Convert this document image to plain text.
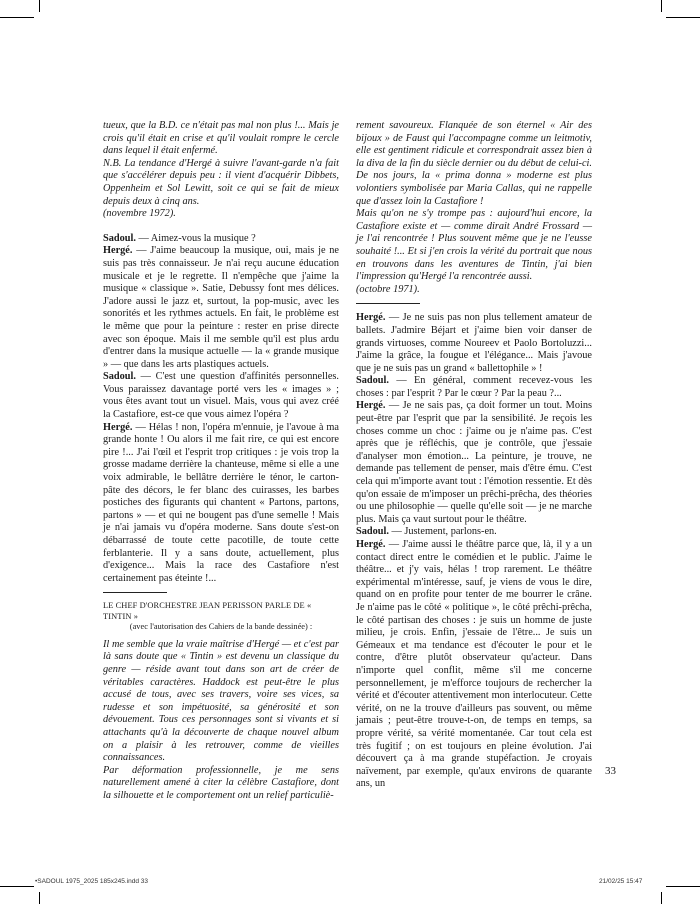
tueux, que la B.D. ce n'était pas mal non plus !... Mais je crois qu'il était en crise et qu'il voulait rompre le cercle dans lequel il était enfermé.

N.B. La tendance d'Hergé à suivre l'avant-garde n'a fait que s'accélérer depuis peu : il vient d'acquérir Dibbets, Oppenheim et Sol Lewitt, soit ce qui se fait de mieux depuis deux à cinq ans.

(novembre 1972).

Sadoul. — Aimez-vous la musique ?

Hergé. — J'aime beaucoup la musique, oui, mais je ne suis pas très connaisseur. Je n'ai reçu aucune éducation musicale et je le regrette. Il n'empêche que j'aime la musique « classique ». Satie, Debussy font mes délices. J'adore aussi le jazz et, surtout, la pop-music, avec les sonorités et les rythmes actuels. En fait, le problème est le même que pour la peinture : rester en prise directe avec son époque. Mais il me semble qu'il est plus ardu d'entrer dans la musique actuelle — la « grande musique » — que dans les arts plastiques actuels.

Sadoul. — C'est une question d'affinités personnelles. Vous paraissez davantage porté vers les « images » ; vous êtes avant tout un visuel. Mais, vous qui avez créé la Castafiore, est-ce que vous aimez l'opéra ?

Hergé. — Hélas ! non, l'opéra m'ennuie, je l'avoue à ma grande honte ! Ou alors il me fait rire, ce qui est encore pire !... J'ai l'œil et l'esprit trop critiques : je vois trop la grosse madame derrière la chanteuse, même si elle a une voix admirable, le bellâtre derrière le ténor, le carton-pâte des décors, le fer blanc des cuirasses, les barbes postiches des figurants qui chantent « Partons, partons, partons » — et qui ne bougent pas d'une semelle ! Mais je n'ai jamais vu d'opéra moderne. Sans doute s'est-on débarrassé de toute cette pacotille, de toute cette ferblanterie. Il y a sans doute, actuellement, plus d'exigence... Mais la race des Castafiore n'est certainement pas éteinte !...

LE CHEF D'ORCHESTRE JEAN PERISSON PARLE DE « TINTIN »

(avec l'autorisation des Cahiers de la bande dessinée) :

Il me semble que la vraie maîtrise d'Hergé — et c'est par là sans doute que « Tintin » est devenu un classique du genre — réside avant tout dans son art de créer de véritables caractères. Haddock est peut-être le plus accusé de tous, avec ses travers, voire ses vices, sa rudesse et son impétuosité, sa générosité et son dévouement. Tous ces personnages sont si vivants et si attachants qu'à la découverte de chaque nouvel album on a plaisir à les retrouver, comme de vieilles connaissances.

Par déformation professionnelle, je me sens naturellement amené à citer la célèbre Castafiore, dont la silhouette et le comportement ont un relief particuliè-

rement savoureux. Flanquée de son éternel « Air des bijoux » de Faust qui l'accompagne comme un leitmotiv, elle est gentiment ridicule et correspondrait assez bien à la diva de la fin du siècle dernier ou du début de celui-ci. De nos jours, la « prima donna » moderne est plus volontiers symbolisée par Maria Callas, qui ne rappelle que d'assez loin la Castafiore !

Mais qu'on ne s'y trompe pas : aujourd'hui encore, la Castafiore existe et — comme dirait André Frossard — je l'ai rencontrée ! Plus souvent même que je ne l'eusse souhaité !... Et si j'en crois la vérité du portrait que nous en trouvons dans les aventures de Tintin, j'ai bien l'impression qu'Hergé l'a rencontrée aussi.

(octobre 1971).

Hergé. — Je ne suis pas non plus tellement amateur de ballets. J'admire Béjart et j'aime bien voir danser de grands virtuoses, comme Noureev et Paolo Bortoluzzi... J'aime la grâce, la fougue et l'élégance... Mais j'avoue que je ne suis pas un grand « ballettophile » !

Sadoul. — En général, comment recevez-vous les choses : par l'esprit ? Par le cœur ? Par la peau ?...

Hergé. — Je ne sais pas, ça doit former un tout. Moins peut-être par l'esprit que par la sensibilité. Je reçois les choses comme un choc : j'aime ou je n'aime pas. C'est après que je réfléchis, que je contrôle, que j'essaie d'analyser mon émotion... La peinture, je trouve, ne demande pas tellement de penser, mais d'être ému. C'est cela qui m'importe avant tout : l'émotion ressentie. Et dès qu'on essaie de m'imposer un prêchi-prêcha, des théories ou une philosophie — quelle qu'elle soit — je ne marche plus. Mais ça vaut surtout pour le théâtre.

Sadoul. — Justement, parlons-en.

Hergé. — J'aime aussi le théâtre parce que, là, il y a un contact direct entre le comédien et le public. J'aime le théâtre... et j'y vais, hélas ! trop rarement. Le théâtre expérimental m'intéresse, sauf, je viens de vous le dire, quand on en profite pour tenter de me bourrer le crâne. Je n'aime pas le côté « politique », le côté prêchi-prêcha, le côté partisan des choses : je suis un homme de juste milieu, je crois. Enfin, j'essaie de l'être... Je suis un Gémeaux et ma tendance est d'écouter le pour et le contre, d'être plutôt observateur qu'acteur. Dans n'importe quel conflit, même s'il me concerne personnellement, je m'efforce toujours de rechercher la vérité et d'écouter attentivement mon interlocuteur. Cette vérité, on ne la trouve d'ailleurs pas souvent, ou même jamais ; peut-être trouve-t-on, de temps en temps, sa propre vérité, sa vérité momentanée. Car tout cela est très fugitif ; on est toujours en pleine évolution. J'ai découvert ça à ma grande stupéfaction. Je croyais naïvement, par exemple, qu'aux environs de quarante ans, un

33
•SADOUL 1975_2025 185x245.indd 33	21/02/25 15:47
